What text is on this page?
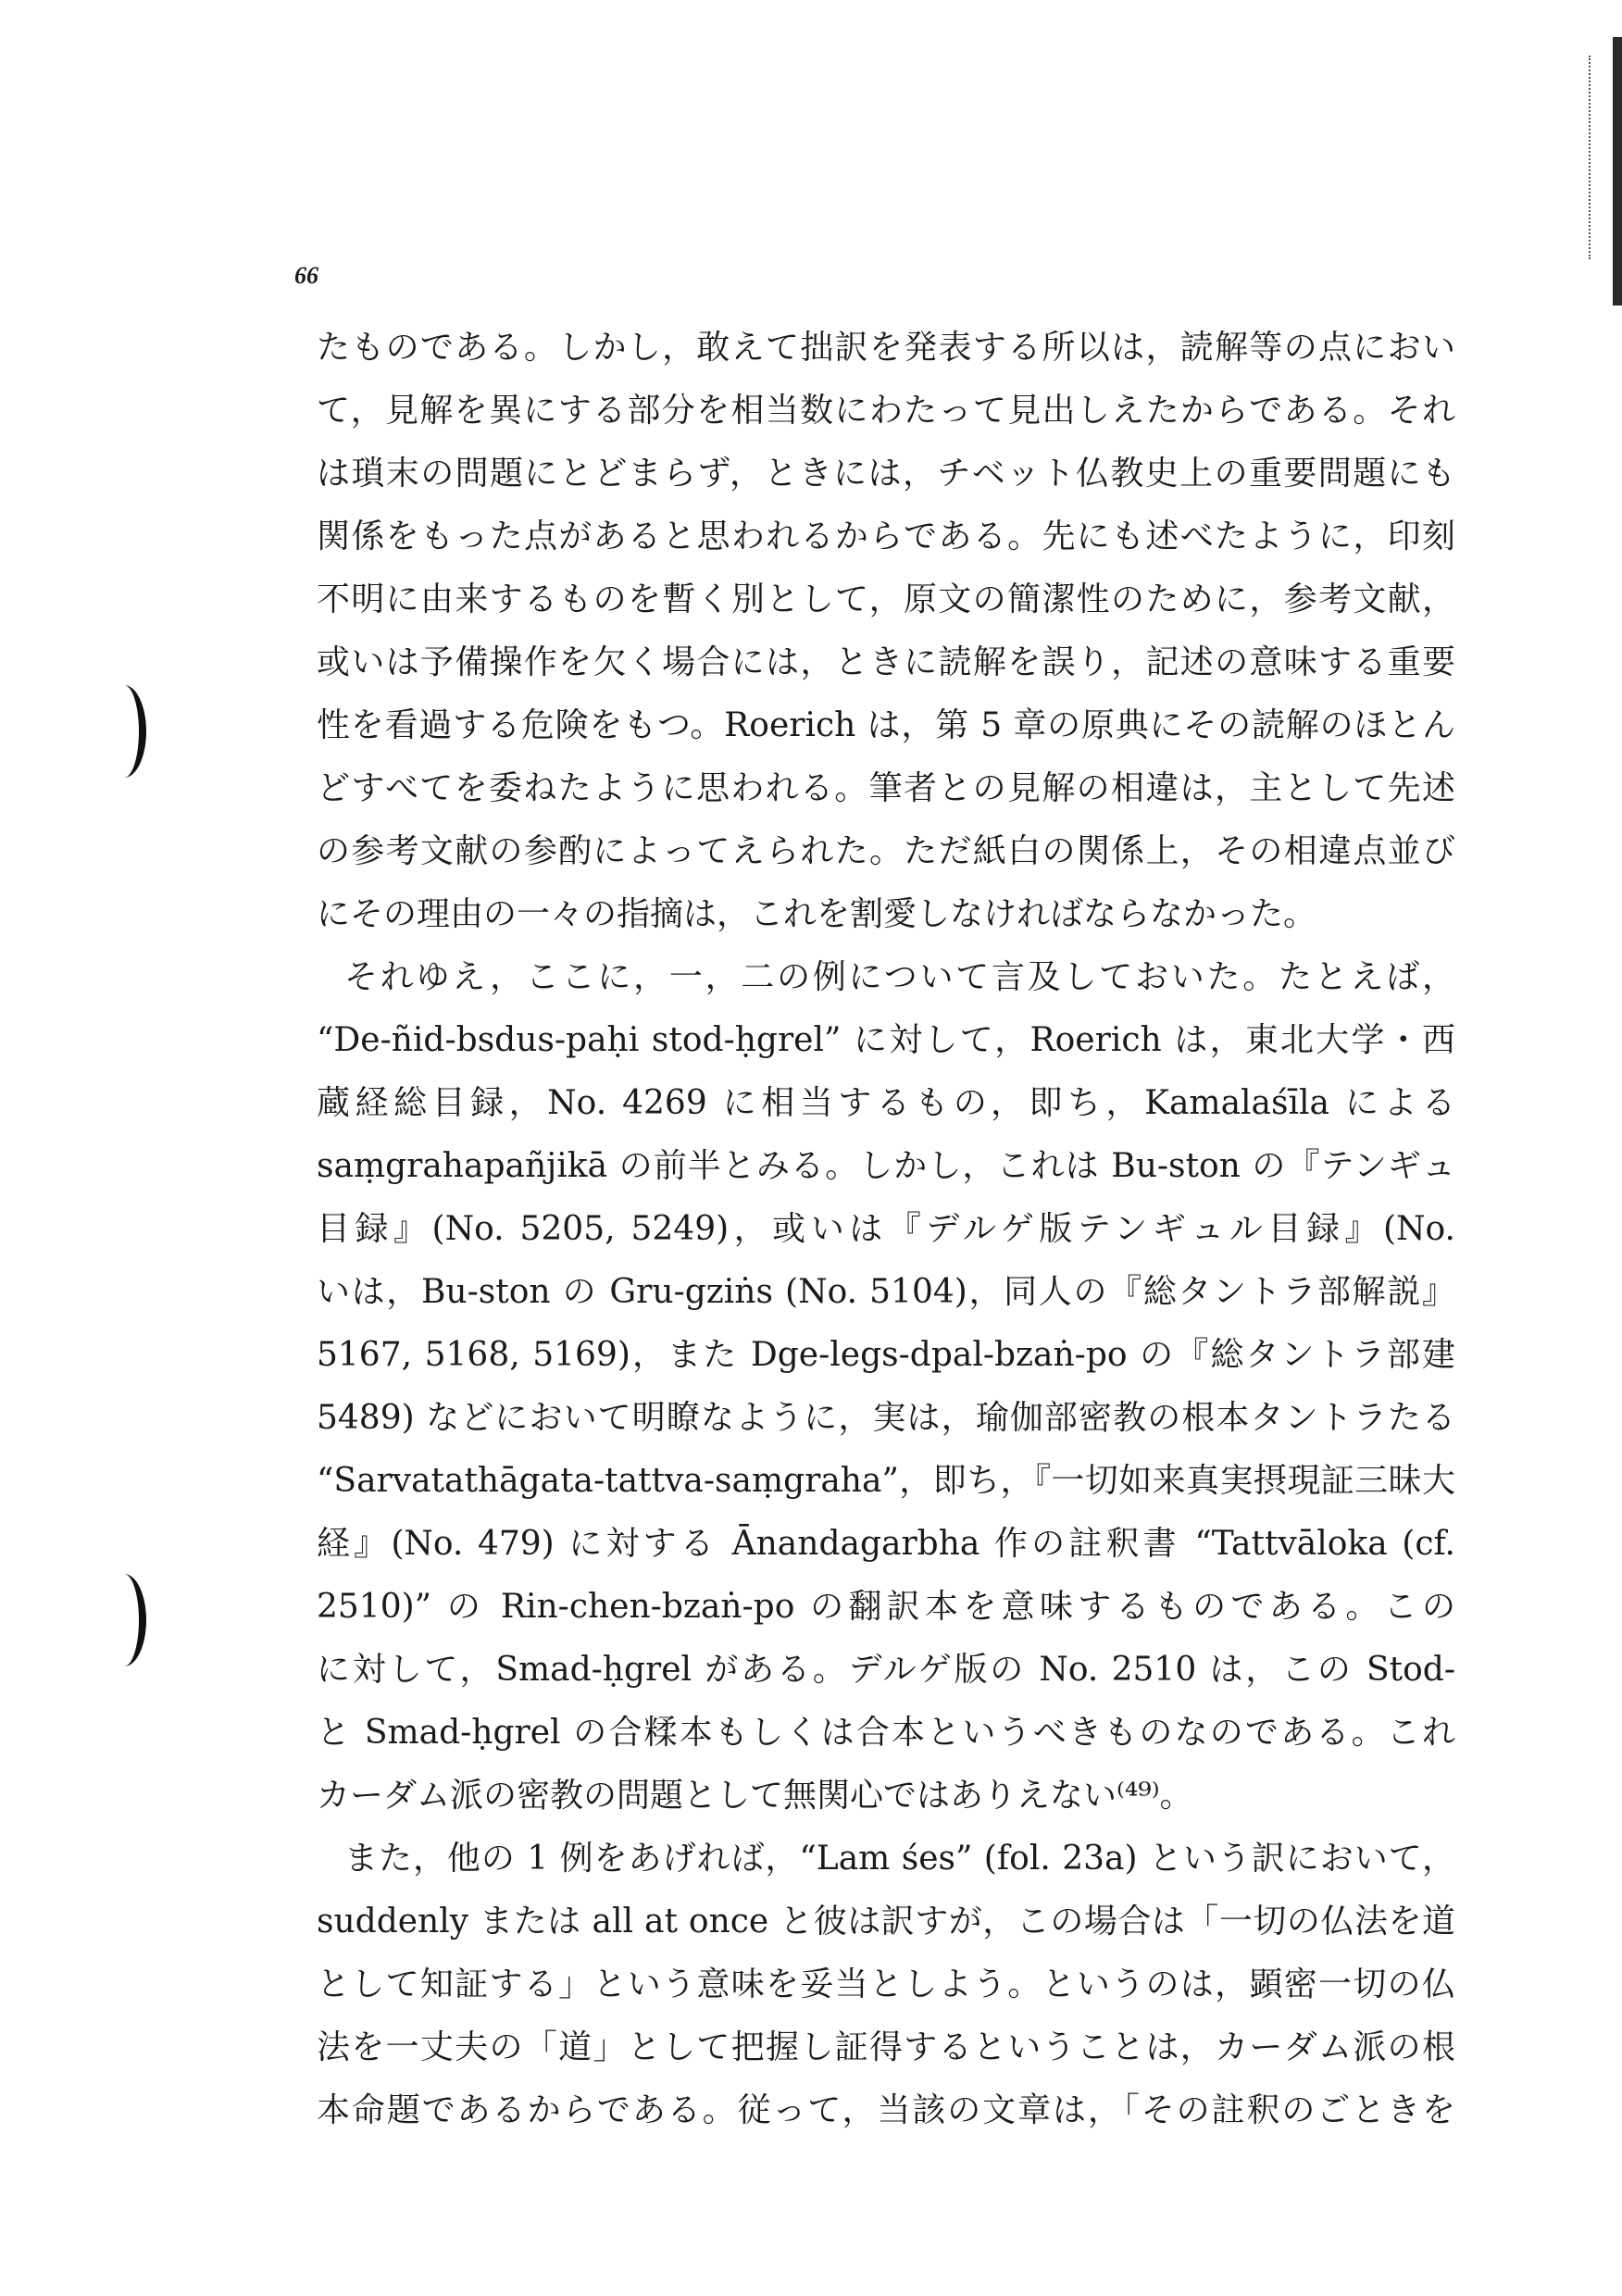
66
たものである。しかし，敢えて拙訳を発表する所以は，読解等の点におい
て，見解を異にする部分を相当数にわたって見出しえたからである。それ
は瑣末の問題にとどまらず，ときには，チベット仏教史上の重要問題にも
関係をもった点があると思われるからである。先にも述べたように，印刻
不明に由来するものを暫く別として，原文の簡潔性のために，参考文献，
或いは予備操作を欠く場合には，ときに読解を誤り，記述の意味する重要
性を看過する危険をもつ。Roerich は，第 5 章の原典にその読解のほとん
どすべてを委ねたように思われる。筆者との見解の相違は，主として先述
の参考文献の参酌によってえられた。ただ紙白の関係上，その相違点並び
にその理由の一々の指摘は，これを割愛しなければならなかった。
それゆえ，ここに，一，二の例について言及しておいた。たとえば，
“De-ñid-bsdus-paḥi stod-ḥgrel” に対して，Roerich は，東北大学・西
蔵経総目録，No. 4269 に相当するもの，即ち，Kamalaśīla による
saṃgrahapañjikā の前半とみる。しかし，これは Bu-ston の『テンギュ
目録』(No. 5205, 5249)，或いは『デルゲ版テンギュル目録』(No.
いは，Bu-ston の Gru-gziṅs (No. 5104)，同人の『総タントラ部解説』
5167, 5168, 5169)，また Dge-legs-dpal-bzaṅ-po の『総タントラ部建
5489) などにおいて明瞭なように，実は，瑜伽部密教の根本タントラたる
“Sarvatathāgata-tattva-saṃgraha”，即ち，『一切如来真実摂現証三昧大
経』(No. 479) に対する Ānandagarbha 作の註釈書 “Tattvāloka (cf.
2510)” の Rin-chen-bzaṅ-po の翻訳本を意味するものである。この
に対して，Smad-ḥgrel がある。デルゲ版の No. 2510 は，この Stod-
と Smad-ḥgrel の合糅本もしくは合本というべきものなのである。これ
カーダム派の密教の問題として無関心ではありえない⁽⁴⁹⁾。
また，他の 1 例をあげれば，“Lam śes” (fol. 23a) という訳において，
suddenly または all at once と彼は訳すが，この場合は「一切の仏法を道
として知証する」という意味を妥当としよう。というのは，顕密一切の仏
法を一丈夫の「道」として把握し証得するということは，カーダム派の根
本命題であるからである。従って，当該の文章は，「その註釈のごときを
